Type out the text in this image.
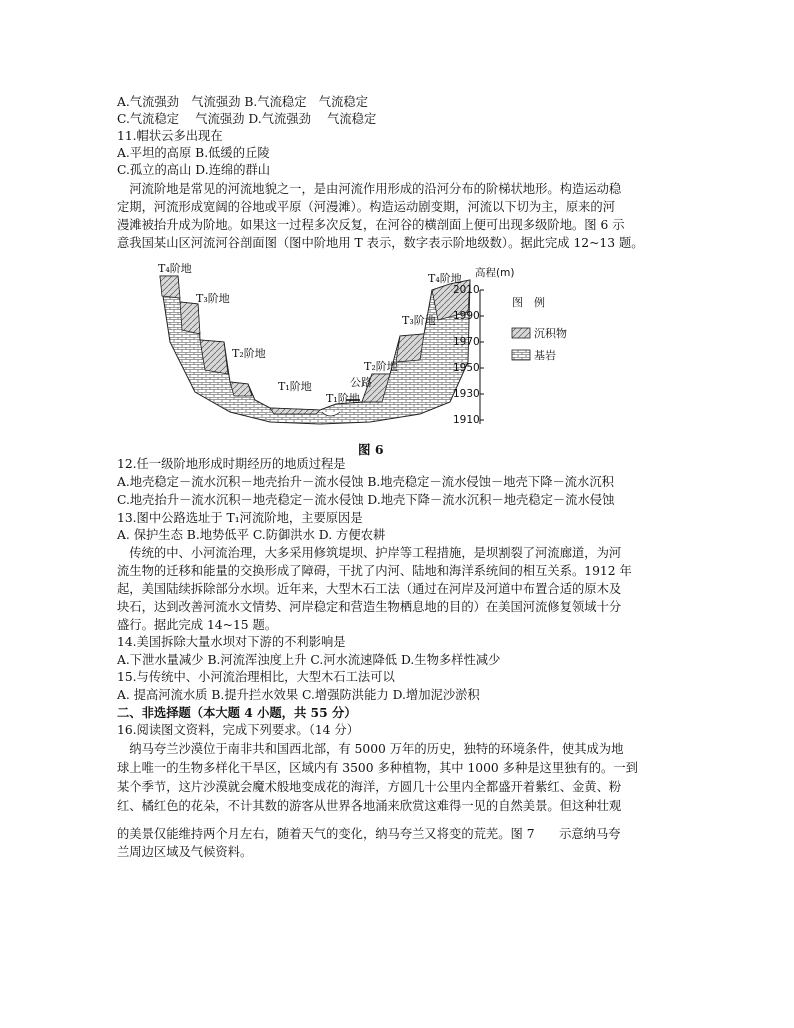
A.气流强劲　气流强劲 B.气流稳定　气流稳定
C.气流稳定　 气流强劲 D.气流强劲　 气流稳定
11.帽状云多出现在
A.平坦的高原 B.低缓的丘陵
C.孤立的高山 D.连绵的群山
　河流阶地是常见的河流地貌之一，是由河流作用形成的沿河分布的阶梯状地形。构造运动稳
定期，河流形成宽阔的谷地或平原（河漫滩）。构造运动剧变期，河流以下切为主，原来的河
漫滩被抬升成为阶地。如果这一过程多次反复，在河谷的横剖面上便可出现多级阶地。图 6 示
意我国某山区河流河谷剖面图（图中阶地用 T 表示，数字表示阶地级数）。据此完成 12~13 题。
T₄阶地
T₃阶地
T₂阶地
T₁阶地
T₁阶地
公路
T₂阶地
T₃阶地
T₄阶地 高程(m)
2010
1990
1970
1950
1930
1910
图　例
沉积物
基岩
图 6
12.任一级阶地形成时期经历的地质过程是
A.地壳稳定－流水沉积－地壳抬升－流水侵蚀 B.地壳稳定－流水侵蚀－地壳下降－流水沉积
C.地壳抬升－流水沉积－地壳稳定－流水侵蚀 D.地壳下降－流水沉积－地壳稳定－流水侵蚀
13.图中公路选址于 T₁河流阶地，主要原因是
A. 保护生态 B.地势低平 C.防御洪水 D. 方便农耕
　传统的中、小河流治理，大多采用修筑堤坝、护岸等工程措施，是坝割裂了河流廊道，为河
流生物的迁移和能量的交换形成了障碍，干扰了内河、陆地和海洋系统间的相互关系。1912 年
起，美国陆续拆除部分水坝。近年来，大型木石工法（通过在河岸及河道中布置合适的原木及
块石，达到改善河流水文情势、河岸稳定和营造生物栖息地的目的）在美国河流修复领域十分
盛行。据此完成 14~15 题。
14.美国拆除大量水坝对下游的不利影响是
A.下泄水量减少 B.河流浑浊度上升 C.河水流速降低 D.生物多样性减少
15.与传统中、小河流治理相比，大型木石工法可以
A. 提高河流水质 B.提升拦水效果 C.增强防洪能力 D.增加泥沙淤积
二、非选择题（本大题 4 小题，共 55 分）
16.阅读图文资料，完成下列要求。（14 分）
　纳马夸兰沙漠位于南非共和国西北部，有 5000 万年的历史，独特的环境条件，使其成为地
球上唯一的生物多样化干旱区，区域内有 3500 多种植物，其中 1000 多种是这里独有的。一到
某个季节，这片沙漠就会魔术般地变成花的海洋，方圆几十公里内全都盛开着紫红、金黄、粉
红、橘红色的花朵，不计其数的游客从世界各地涌来欣赏这难得一见的自然美景。但这种壮观
的美景仅能维持两个月左右，随着天气的变化，纳马夸兰又将变的荒芜。图 7　　示意纳马夸
兰周边区域及气候资料。
